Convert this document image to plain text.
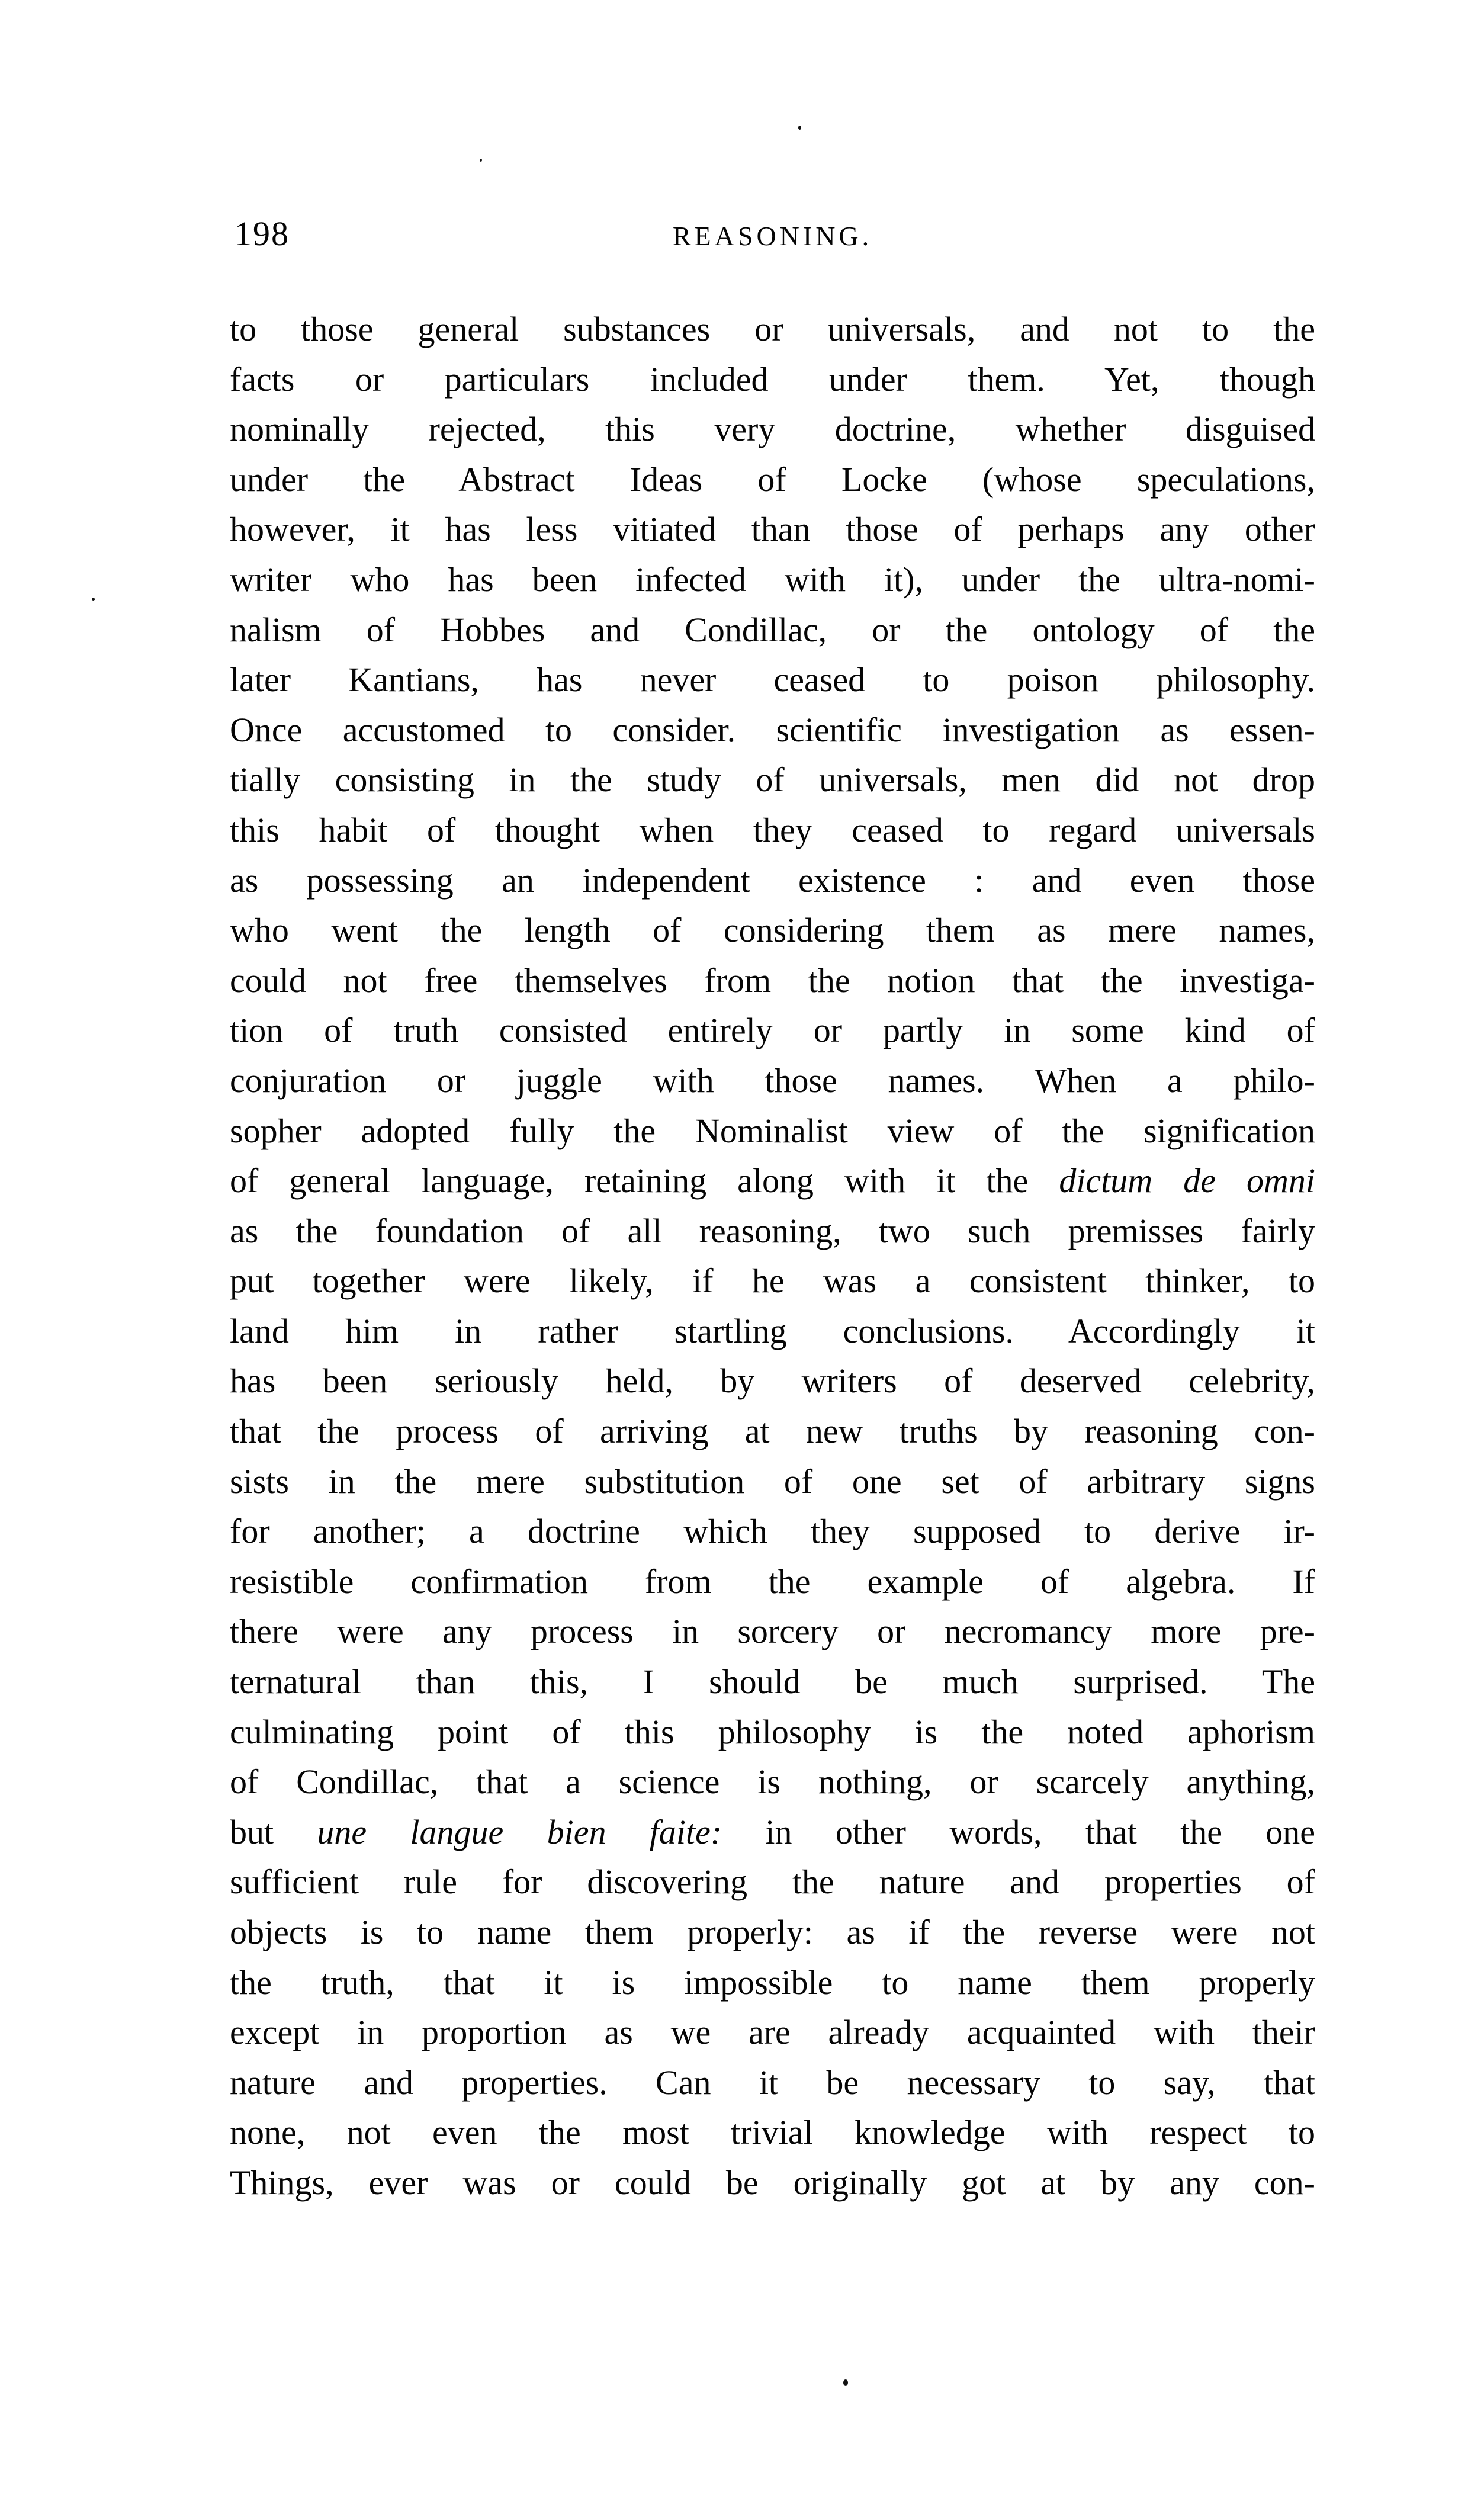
198	REASONING.
to those general substances or universals, and not to the
facts or particulars included under them. Yet, though
nominally rejected, this very doctrine, whether disguised
under the Abstract Ideas of Locke (whose speculations,
however, it has less vitiated than those of perhaps any other
writer who has been infected with it), under the ultra-nomi-
nalism of Hobbes and Condillac, or the ontology of the
later Kantians, has never ceased to poison philosophy.
Once accustomed to consider. scientific investigation as essen-
tially consisting in the study of universals, men did not drop
this habit of thought when they ceased to regard universals
as possessing an independent existence : and even those
who went the length of considering them as mere names,
could not free themselves from the notion that the investiga-
tion of truth consisted entirely or partly in some kind of
conjuration or juggle with those names. When a philo-
sopher adopted fully the Nominalist view of the signification
of general language, retaining along with it the dictum de omni
as the foundation of all reasoning, two such premisses fairly
put together were likely, if he was a consistent thinker, to
land him in rather startling conclusions. Accordingly it
has been seriously held, by writers of deserved celebrity,
that the process of arriving at new truths by reasoning con-
sists in the mere substitution of one set of arbitrary signs
for another; a doctrine which they supposed to derive ir-
resistible confirmation from the example of algebra. If
there were any process in sorcery or necromancy more pre-
ternatural than this, I should be much surprised. The
culminating point of this philosophy is the noted aphorism
of Condillac, that a science is nothing, or scarcely anything,
but une langue bien faite: in other words, that the one
sufficient rule for discovering the nature and properties of
objects is to name them properly: as if the reverse were not
the truth, that it is impossible to name them properly
except in proportion as we are already acquainted with their
nature and properties. Can it be necessary to say, that
none, not even the most trivial knowledge with respect to
Things, ever was or could be originally got at by any con-
